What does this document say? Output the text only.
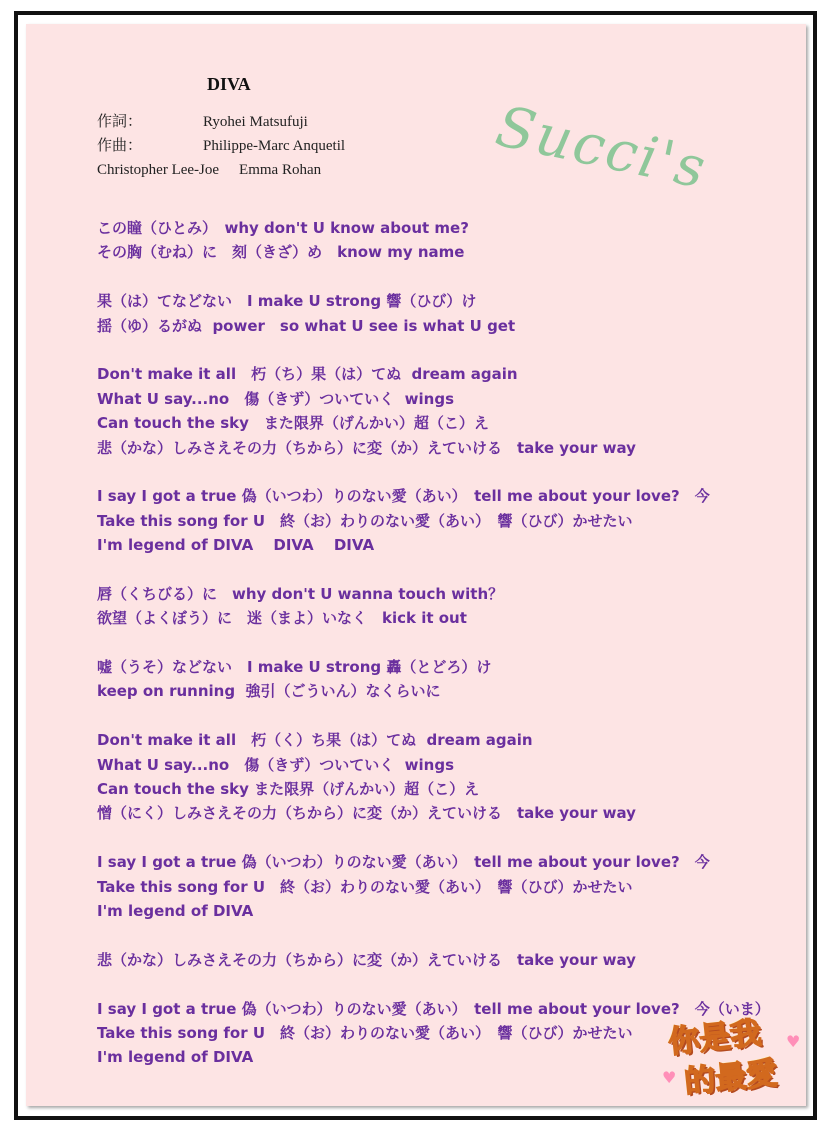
DIVA
作詞：	Ryohei Matsufuji
作曲：	Philippe-Marc Anquetil
Christopher Lee-Joe Emma Rohan	Succi's
この瞳（ひとみ）　why don't U know about me?
その胸（むね）に　刻（きざ）め　know my name
果（は）てなどない　I make U strong 響（ひび）け
揺（ゆ）るがぬ  power　so what U see is what U get
Don't make it all　朽（ち）果（は）てぬ  dream again
What U say...no　傷（きず）ついていく  wings
Can touch the sky　また限界（げんかい）超（こ）え
悲（かな）しみさえその力（ちから）に変（か）えていける　take your way
I say I got a true 偽（いつわ）りのない愛（あい）　tell me about your love?　今
Take this song for U　終（お）わりのない愛（あい）　響（ひび）かせたい
I'm legend of DIVA　 DIVA　 DIVA
唇（くちびる）に　why don't U wanna touch with？
欲望（よくぼう）に　迷（まよ）いなく　kick it out
嘘（うそ）などない　I make U strong 轟（とどろ）け
keep on running  強引（ごういん）なくらいに
Don't make it all　朽（く）ち果（は）てぬ  dream again
What U say...no　傷（きず）ついていく  wings
Can touch the sky また限界（げんかい）超（こ）え
憎（にく）しみさえその力（ちから）に変（か）えていける　take your way
I say I got a true 偽（いつわ）りのない愛（あい）　tell me about your love?　今
Take this song for U　終（お）わりのない愛（あい）　響（ひび）かせたい
I'm legend of DIVA
悲（かな）しみさえその力（ちから）に変（か）えていける　take your way
I say I got a true 偽（いつわ）りのない愛（あい）　tell me about your love?　今（いま）
Take this song for U　終（お）わりのない愛（あい）　響（ひび）かせたい
I'm legend of DIVA
♥
♥
你是我
的最愛
